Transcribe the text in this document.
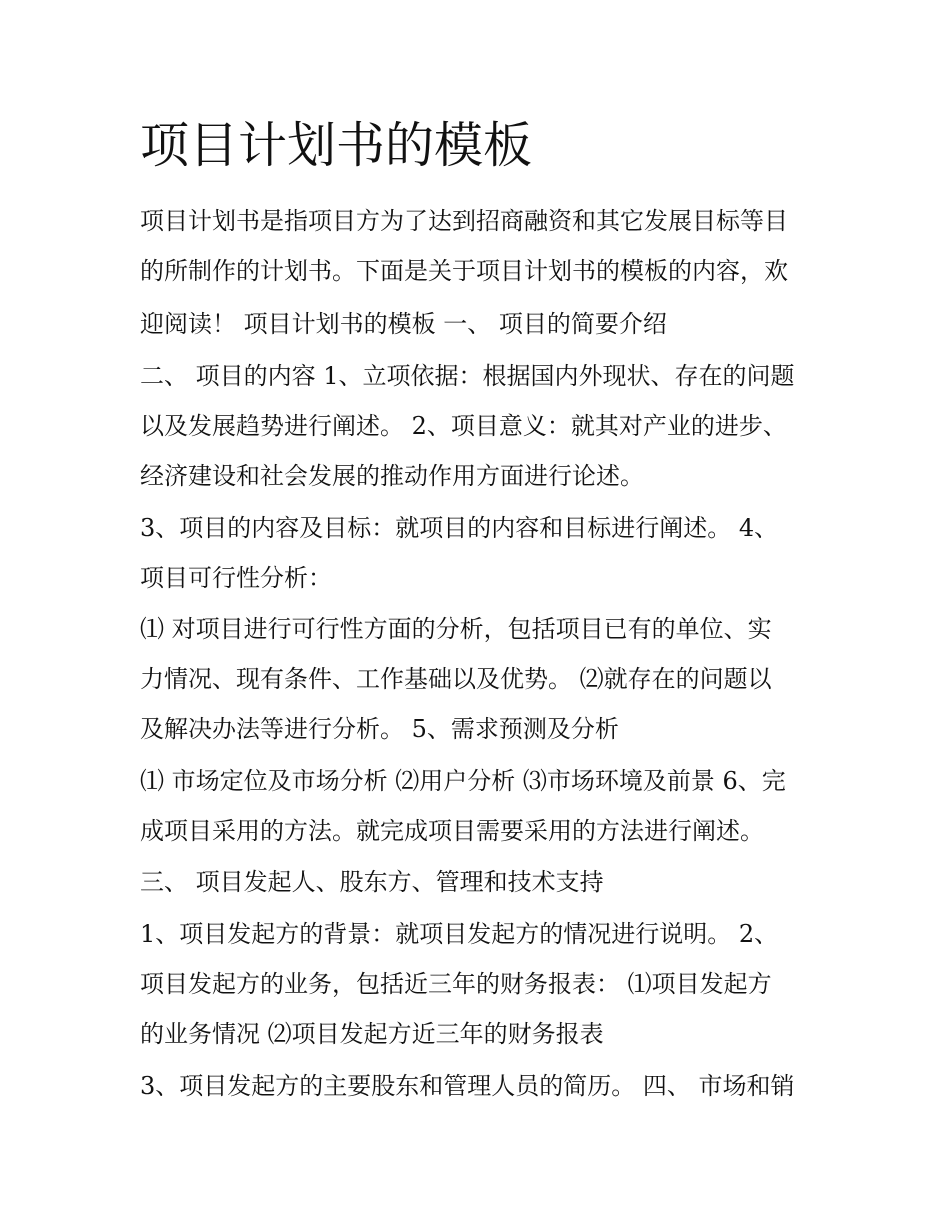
项目计划书的模板

项目计划书是指项目方为了达到招商融资和其它发展目标等目

的所制作的计划书。下面是关于项目计划书的模板的内容，欢

迎阅读！ 项目计划书的模板 一、 项目的简要介绍

二、 项目的内容 1、立项依据：根据国内外现状、存在的问题

以及发展趋势进行阐述。 2、项目意义：就其对产业的进步、

经济建设和社会发展的推动作用方面进行论述。

3、项目的内容及目标：就项目的内容和目标进行阐述。 4、

项目可行性分析：

⑴ 对项目进行可行性方面的分析，包括项目已有的单位、实

力情况、现有条件、工作基础以及优势。 ⑵就存在的问题以

及解决办法等进行分析。 5、需求预测及分析

⑴ 市场定位及市场分析 ⑵用户分析 ⑶市场环境及前景 6、完

成项目采用的方法。就完成项目需要采用的方法进行阐述。

三、 项目发起人、股东方、管理和技术支持

1、项目发起方的背景：就项目发起方的情况进行说明。 2、

项目发起方的业务，包括近三年的财务报表： ⑴项目发起方

的业务情况 ⑵项目发起方近三年的财务报表

3、项目发起方的主要股东和管理人员的简历。 四、 市场和销
